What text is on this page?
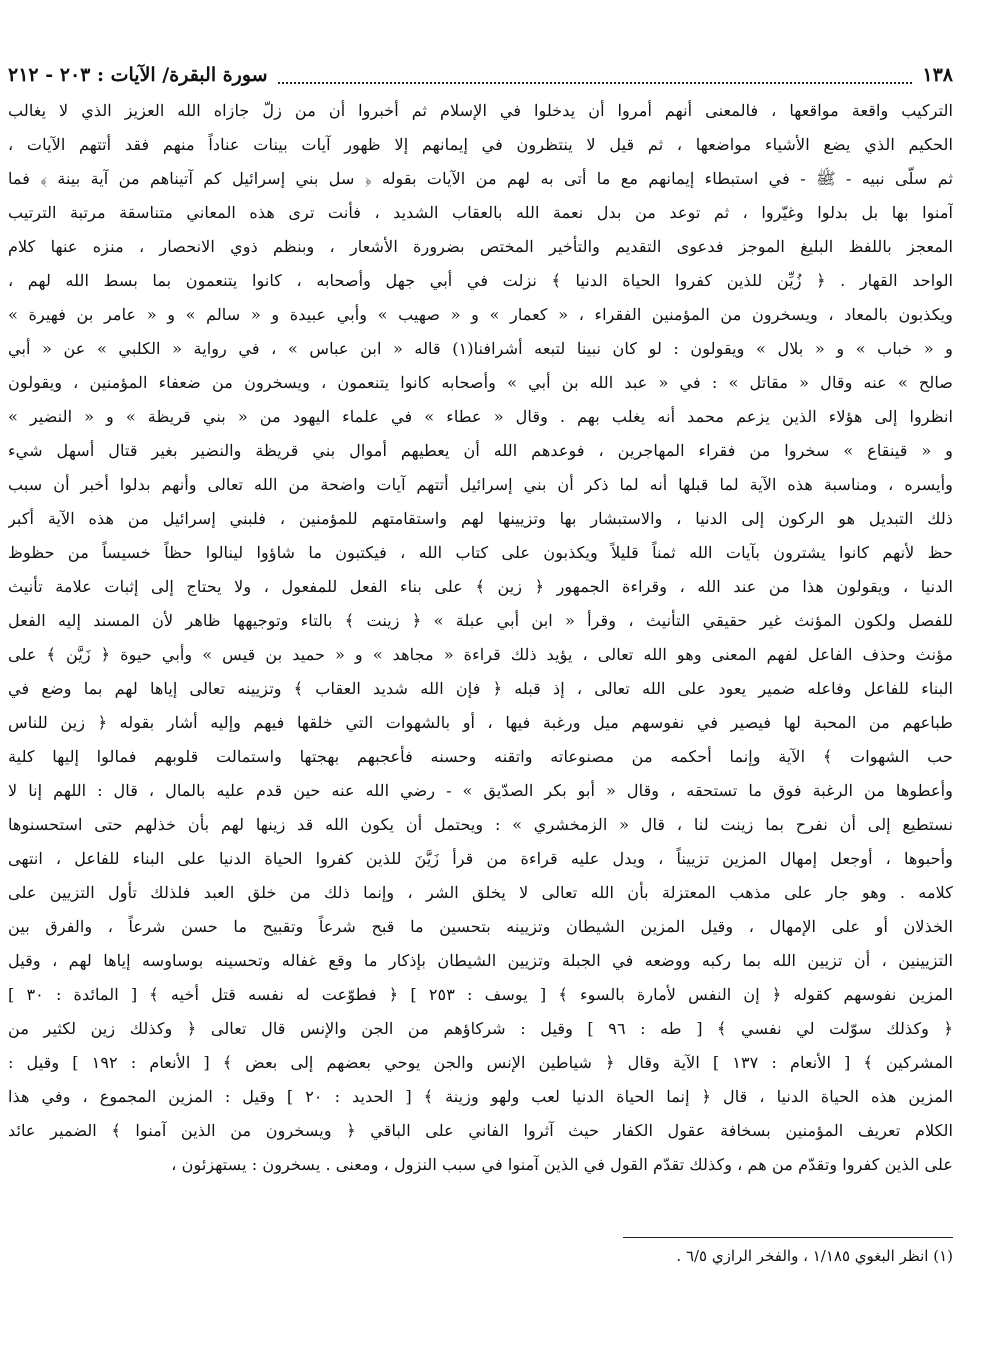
١٣٨
سورة البقرة/ الآيات : ٢٠٣ - ٢١٢
التركيب واقعة مواقعها ، فالمعنى أنهم أمروا أن يدخلوا في الإسلام ثم أخبروا أن من زلّ جازاه الله العزيز الذي لا يغالب
الحكيم الذي يضع الأشياء مواضعها ، ثم قيل لا ينتظرون في إيمانهم إلا ظهور آيات بينات عناداً منهم فقد أتتهم الآيات ،
ثم سلّى نبيه - ﷺ - في استبطاء إيمانهم مع ما أتى به لهم من الآيات بقوله ﴿ سل بني إسرائيل كم آتيناهم من آية بينة ﴾ فما
آمنوا بها بل بدلوا وغيّروا ، ثم توعد من بدل نعمة الله بالعقاب الشديد ، فأنت ترى هذه المعاني متناسقة مرتبة الترتيب
المعجز باللفظ البليغ الموجز فدعوى التقديم والتأخير المختص بضرورة الأشعار ، وبنظم ذوي الانحصار ، منزه عنها كلام
الواحد القهار . ﴿ زُيِّن للذين كفروا الحياة الدنيا ﴾ نزلت في أبي جهل وأصحابه ، كانوا يتنعمون بما بسط الله لهم ،
ويكذبون بالمعاد ، ويسخرون من المؤمنين الفقراء ، « كعمار » و « صهيب » وأبي عبيدة و « سالم » و « عامر بن فهيرة »
و « خباب » و « بلال » ويقولون : لو كان نبينا لتبعه أشرافنا(١) قاله « ابن عباس » ، في رواية « الكلبي » عن « أبي
صالح » عنه وقال « مقاتل » : في « عبد الله بن أبي » وأصحابه كانوا يتنعمون ، ويسخرون من ضعفاء المؤمنين ، ويقولون
انظروا إلى هؤلاء الذين يزعم محمد أنه يغلب بهم . وقال « عطاء » في علماء اليهود من « بني قريظة » و « النضير »
و « قينقاع » سخروا من فقراء المهاجرين ، فوعدهم الله أن يعطيهم أموال بني قريظة والنضير بغير قتال أسهل شيء
وأيسره ، ومناسبة هذه الآية لما قبلها أنه لما ذكر أن بني إسرائيل أتتهم آيات واضحة من الله تعالى وأنهم بدلوا أخبر أن سبب
ذلك التبديل هو الركون إلى الدنيا ، والاستبشار بها وتزيينها لهم واستقامتهم للمؤمنين ، فلبني إسرائيل من هذه الآية أكبر
حظ لأنهم كانوا يشترون بآيات الله ثمناً قليلاً ويكذبون على كتاب الله ، فيكتبون ما شاؤوا لينالوا حظاً خسيساً من حظوظ
الدنيا ، ويقولون هذا من عند الله ، وقراءة الجمهور ﴿ زين ﴾ على بناء الفعل للمفعول ، ولا يحتاج إلى إثبات علامة تأنيث
للفصل ولكون المؤنث غير حقيقي التأنيث ، وقرأ « ابن أبي عبلة » ﴿ زينت ﴾ بالتاء وتوجيهها ظاهر لأن المسند إليه الفعل
مؤنث وحذف الفاعل لفهم المعنى وهو الله تعالى ، يؤيد ذلك قراءة « مجاهد » و « حميد بن قيس » وأبي حيوة ﴿ زَيَّن ﴾ على
البناء للفاعل وفاعله ضمير يعود على الله تعالى ، إذ قبله ﴿ فإن الله شديد العقاب ﴾ وتزيينه تعالى إياها لهم بما وضع في
طباعهم من المحبة لها فيصير في نفوسهم ميل ورغبة فيها ، أو بالشهوات التي خلقها فيهم وإليه أشار بقوله ﴿ زين للناس
حب الشهوات ﴾ الآية وإنما أحكمه من مصنوعاته واتقنه وحسنه فأعجبهم بهجتها واستمالت قلوبهم فمالوا إليها كلية
وأعطوها من الرغبة فوق ما تستحقه ، وقال « أبو بكر الصدّيق » - رضي الله عنه حين قدم عليه بالمال ، قال : اللهم إنا لا
نستطيع إلى أن نفرح بما زينت لنا ، قال « الزمخشري » : ويحتمل أن يكون الله قد زينها لهم بأن خذلهم حتى استحسنوها
وأحبوها ، أوجعل إمهال المزين تزييناً ، ويدل عليه قراءة من قرأ زَيَّنَ للذين كفروا الحياة الدنيا على البناء للفاعل ، انتهى
كلامه . وهو جار على مذهب المعتزلة بأن الله تعالى لا يخلق الشر ، وإنما ذلك من خلق العبد فلذلك تأول التزيين على
الخذلان أو على الإمهال ، وقيل المزين الشيطان وتزيينه بتحسين ما قبح شرعاً وتقبيح ما حسن شرعاً ، والفرق بين
التزيينين ، أن تزيين الله بما ركبه ووضعه في الجبلة وتزيين الشيطان بإذكار ما وقع غفاله وتحسينه بوساوسه إياها لهم ، وقيل
المزين نفوسهم كقوله ﴿ إن النفس لأمارة بالسوء ﴾ [ يوسف : ٢٥٣ ] ﴿ فطوّعت له نفسه قتل أخيه ﴾ [ المائدة : ٣٠ ]
﴿ وكذلك سوّلت لي نفسي ﴾ [ طه : ٩٦ ] وقيل : شركاؤهم من الجن والإنس قال تعالى ﴿ وكذلك زين لكثير من
المشركين ﴾ [ الأنعام : ١٣٧ ] الآية وقال ﴿ شياطين الإنس والجن يوحي بعضهم إلى بعض ﴾ [ الأنعام : ١٩٢ ] وقيل :
المزين هذه الحياة الدنيا ، قال ﴿ إنما الحياة الدنيا لعب ولهو وزينة ﴾ [ الحديد : ٢٠ ] وقيل : المزين المجموع ، وفي هذا
الكلام تعريف المؤمنين بسخافة عقول الكفار حيث آثروا الفاني على الباقي ﴿ ويسخرون من الذين آمنوا ﴾ الضمير عائد
على الذين كفروا وتقدّم من هم ، وكذلك تقدّم القول في الذين آمنوا في سبب النزول ، ومعنى . يسخرون : يستهزئون ،
(١) انظر البغوي ١/١٨٥ ، والفخر الرازي ٦/٥ .
